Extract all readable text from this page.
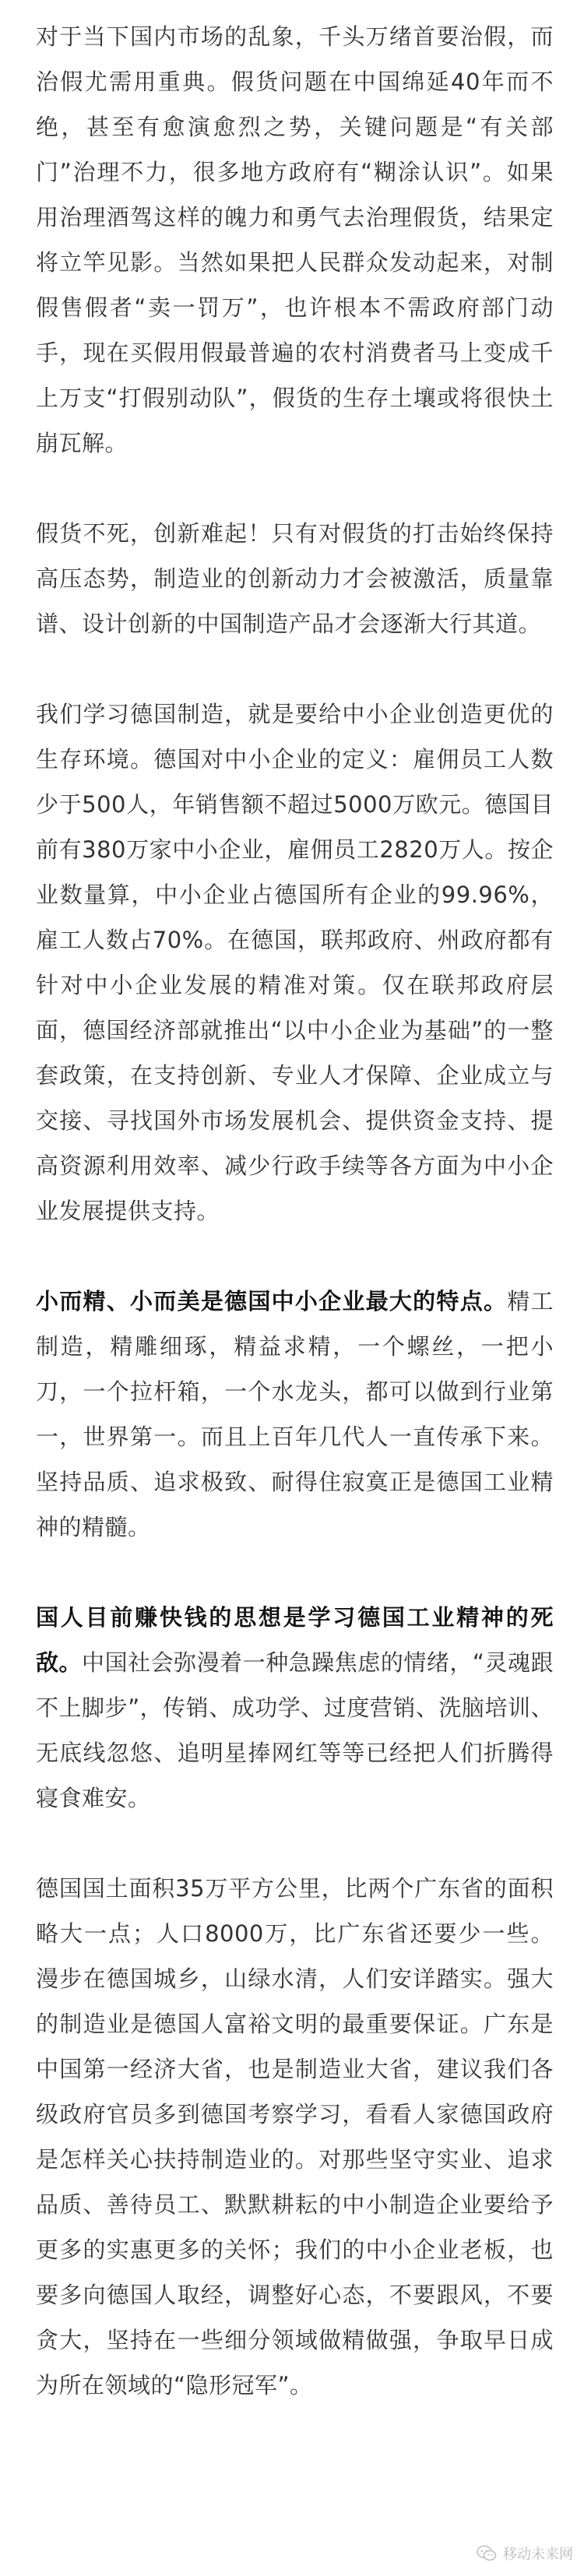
对于当下国内市场的乱象，千头万绪首要治假，而治假尤需用重典。假货问题在中国绵延40年而不绝，甚至有愈演愈烈之势，关键问题是“有关部门”治理不力，很多地方政府有“糊涂认识”。如果用治理酒驾这样的魄力和勇气去治理假货，结果定将立竿见影。当然如果把人民群众发动起来，对制假售假者“卖一罚万”，也许根本不需政府部门动手，现在买假用假最普遍的农村消费者马上变成千上万支“打假别动队”，假货的生存土壤或将很快土崩瓦解。

假货不死，创新难起！只有对假货的打击始终保持高压态势，制造业的创新动力才会被激活，质量靠谱、设计创新的中国制造产品才会逐渐大行其道。

我们学习德国制造，就是要给中小企业创造更优的生存环境。德国对中小企业的定义：雇佣员工人数少于500人，年销售额不超过5000万欧元。德国目前有380万家中小企业，雇佣员工2820万人。按企业数量算，中小企业占德国所有企业的99.96%，雇工人数占70%。在德国，联邦政府、州政府都有针对中小企业发展的精准对策。仅在联邦政府层面，德国经济部就推出“以中小企业为基础”的一整套政策，在支持创新、专业人才保障、企业成立与交接、寻找国外市场发展机会、提供资金支持、提高资源利用效率、减少行政手续等各方面为中小企业发展提供支持。

小而精、小而美是德国中小企业最大的特点。精工制造，精雕细琢，精益求精，一个螺丝，一把小刀，一个拉杆箱，一个水龙头，都可以做到行业第一，世界第一。而且上百年几代人一直传承下来。坚持品质、追求极致、耐得住寂寞正是德国工业精神的精髓。

国人目前赚快钱的思想是学习德国工业精神的死敌。中国社会弥漫着一种急躁焦虑的情绪，“灵魂跟不上脚步”，传销、成功学、过度营销、洗脑培训、无底线忽悠、追明星捧网红等等已经把人们折腾得寝食难安。

德国国土面积35万平方公里，比两个广东省的面积略大一点；人口8000万，比广东省还要少一些。漫步在德国城乡，山绿水清，人们安详踏实。强大的制造业是德国人富裕文明的最重要保证。广东是中国第一经济大省，也是制造业大省，建议我们各级政府官员多到德国考察学习，看看人家德国政府是怎样关心扶持制造业的。对那些坚守实业、追求品质、善待员工、默默耕耘的中小制造企业要给予更多的实惠更多的关怀；我们的中小企业老板，也要多向德国人取经，调整好心态，不要跟风，不要贪大，坚持在一些细分领域做精做强，争取早日成为所在领域的“隐形冠军”。

移动未来网
